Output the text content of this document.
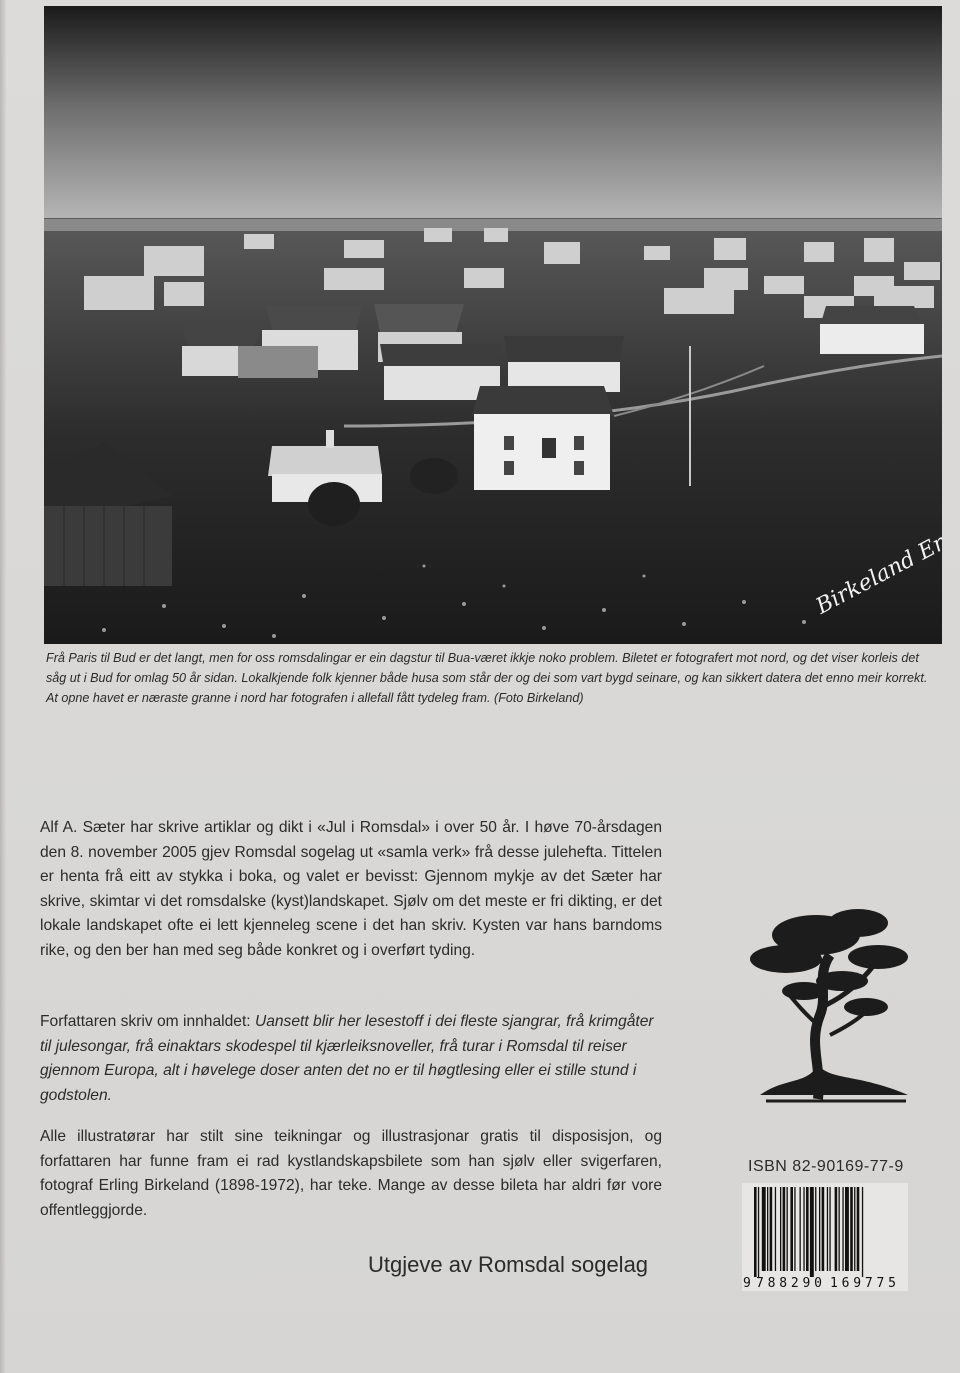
Frå Paris til Bud er det langt, men for oss romsdalingar er ein dagstur til Bua-været ikkje noko problem. Biletet er fotografert mot nord, og det viser korleis det såg ut i Bud for omlag 50 år sidan. Lokalkjende folk kjenner både husa som står der og dei som vart bygd seinare, og kan sikkert datera det enno meir korrekt. At opne havet er næraste granne i nord har fotografen i allefall fått tydeleg fram. (Foto Birkeland)
Alf A. Sæter har skrive artiklar og dikt i «Jul i Romsdal» i over 50 år. I høve 70-årsdagen den 8. november 2005 gjev Romsdal sogelag ut «samla verk» frå desse julehefta. Tittelen er henta frå eitt av stykka i boka, og valet er bevisst: Gjennom mykje av det Sæter har skrive, skimtar vi det romsdalske (kyst)landskapet. Sjølv om det meste er fri dikting, er det lokale landskapet ofte ei lett kjenneleg scene i det han skriv. Kysten var hans barndoms rike, og den ber han med seg både konkret og i overført tyding.
Forfattaren skriv om innhaldet: Uansett blir her lesestoff i dei fleste sjangrar, frå krimgåter til julesongar, frå einaktars skodespel til kjærleiksnoveller, frå turar i Romsdal til reiser gjennom Europa, alt i høvelege doser anten det no er til høgtlesing eller ei stille stund i godstolen.
Alle illustratørar har stilt sine teikningar og illustrasjonar gratis til disposisjon, og forfattaren har funne fram ei rad kystlandskapsbilete som han sjølv eller svigerfaren, fotograf Erling Birkeland (1898-1972), har teke. Mange av desse bileta har aldri før vore offentleggjorde.
Utgjeve av Romsdal sogelag
ISBN 82-90169-77-9
9 788290 169775
